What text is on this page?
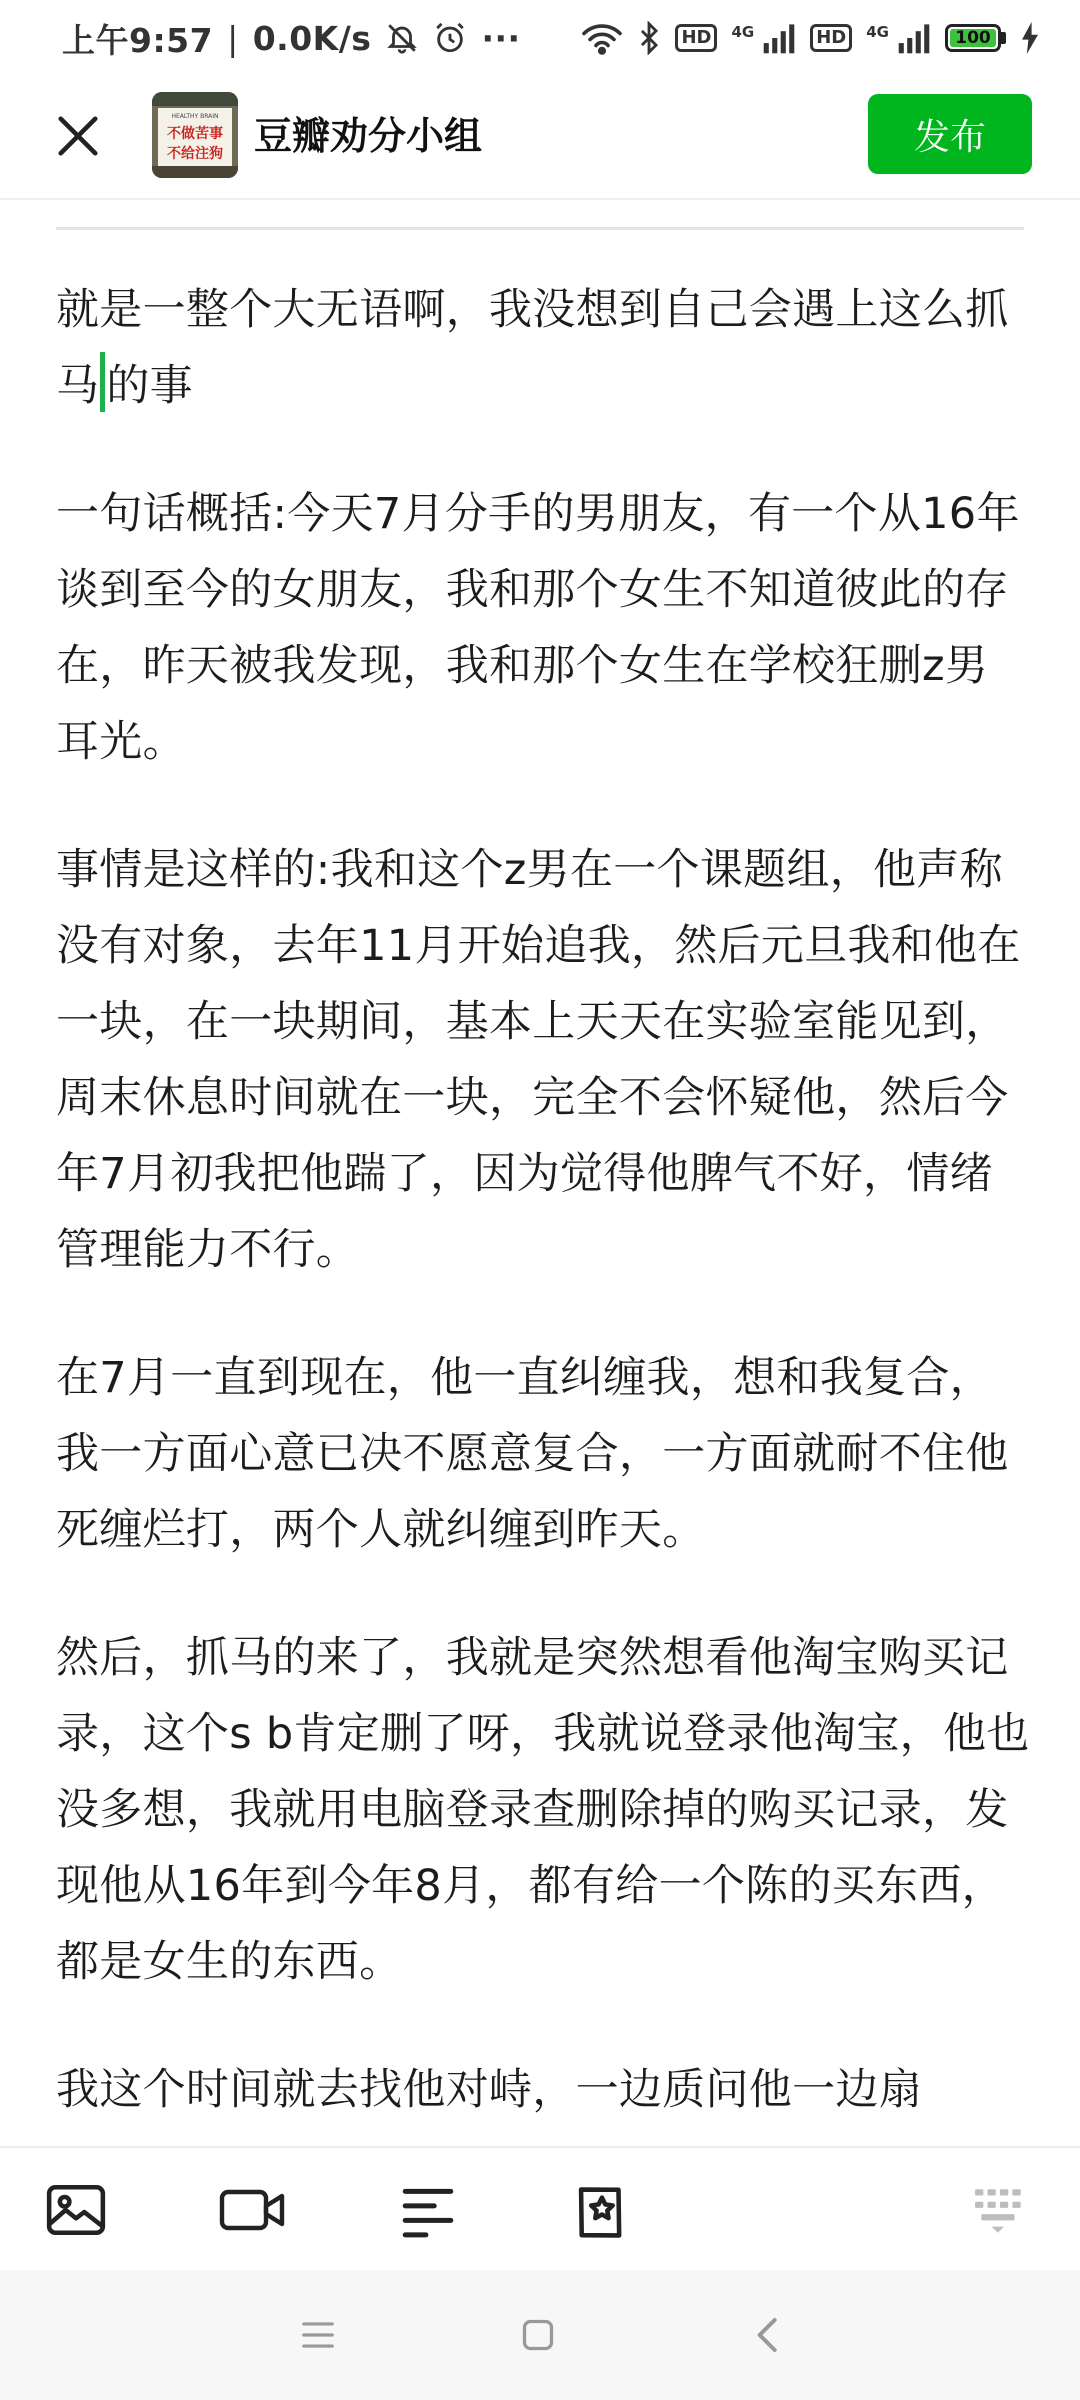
上午9:57 | 0.0K/s	···	HD	4G	HD	4G	100
HEALTHY BRAIN
不做苦事
不给注狗 豆瓣劝分小组	发布

就是一整个大无语啊，我没想到自己会遇上这么抓马 的事

一句话概括:今天7月分手的男朋友，有一个从16年谈到至今的女朋友，我和那个女生不知道彼此的存在，昨天被我发现，我和那个女生在学校狂删z男耳光。

事情是这样的:我和这个z男在一个课题组，他声称没有对象，去年11月开始追我，然后元旦我和他在一块，在一块期间，基本上天天在实验室能见到，周末休息时间就在一块，完全不会怀疑他，然后今年7月初我把他踹了，因为觉得他脾气不好，情绪管理能力不行。

在7月一直到现在，他一直纠缠我，想和我复合，我一方面心意已决不愿意复合，一方面就耐不住他死缠烂打，两个人就纠缠到昨天。

然后，抓马的来了，我就是突然想看他淘宝购买记录，这个s b肯定删了呀，我就说登录他淘宝，他也没多想，我就用电脑登录查删除掉的购买记录，发现他从16年到今年8月，都有给一个陈的买东西，都是女生的东西。

我这个时间就去找他对峙，一边质问他一边扇
